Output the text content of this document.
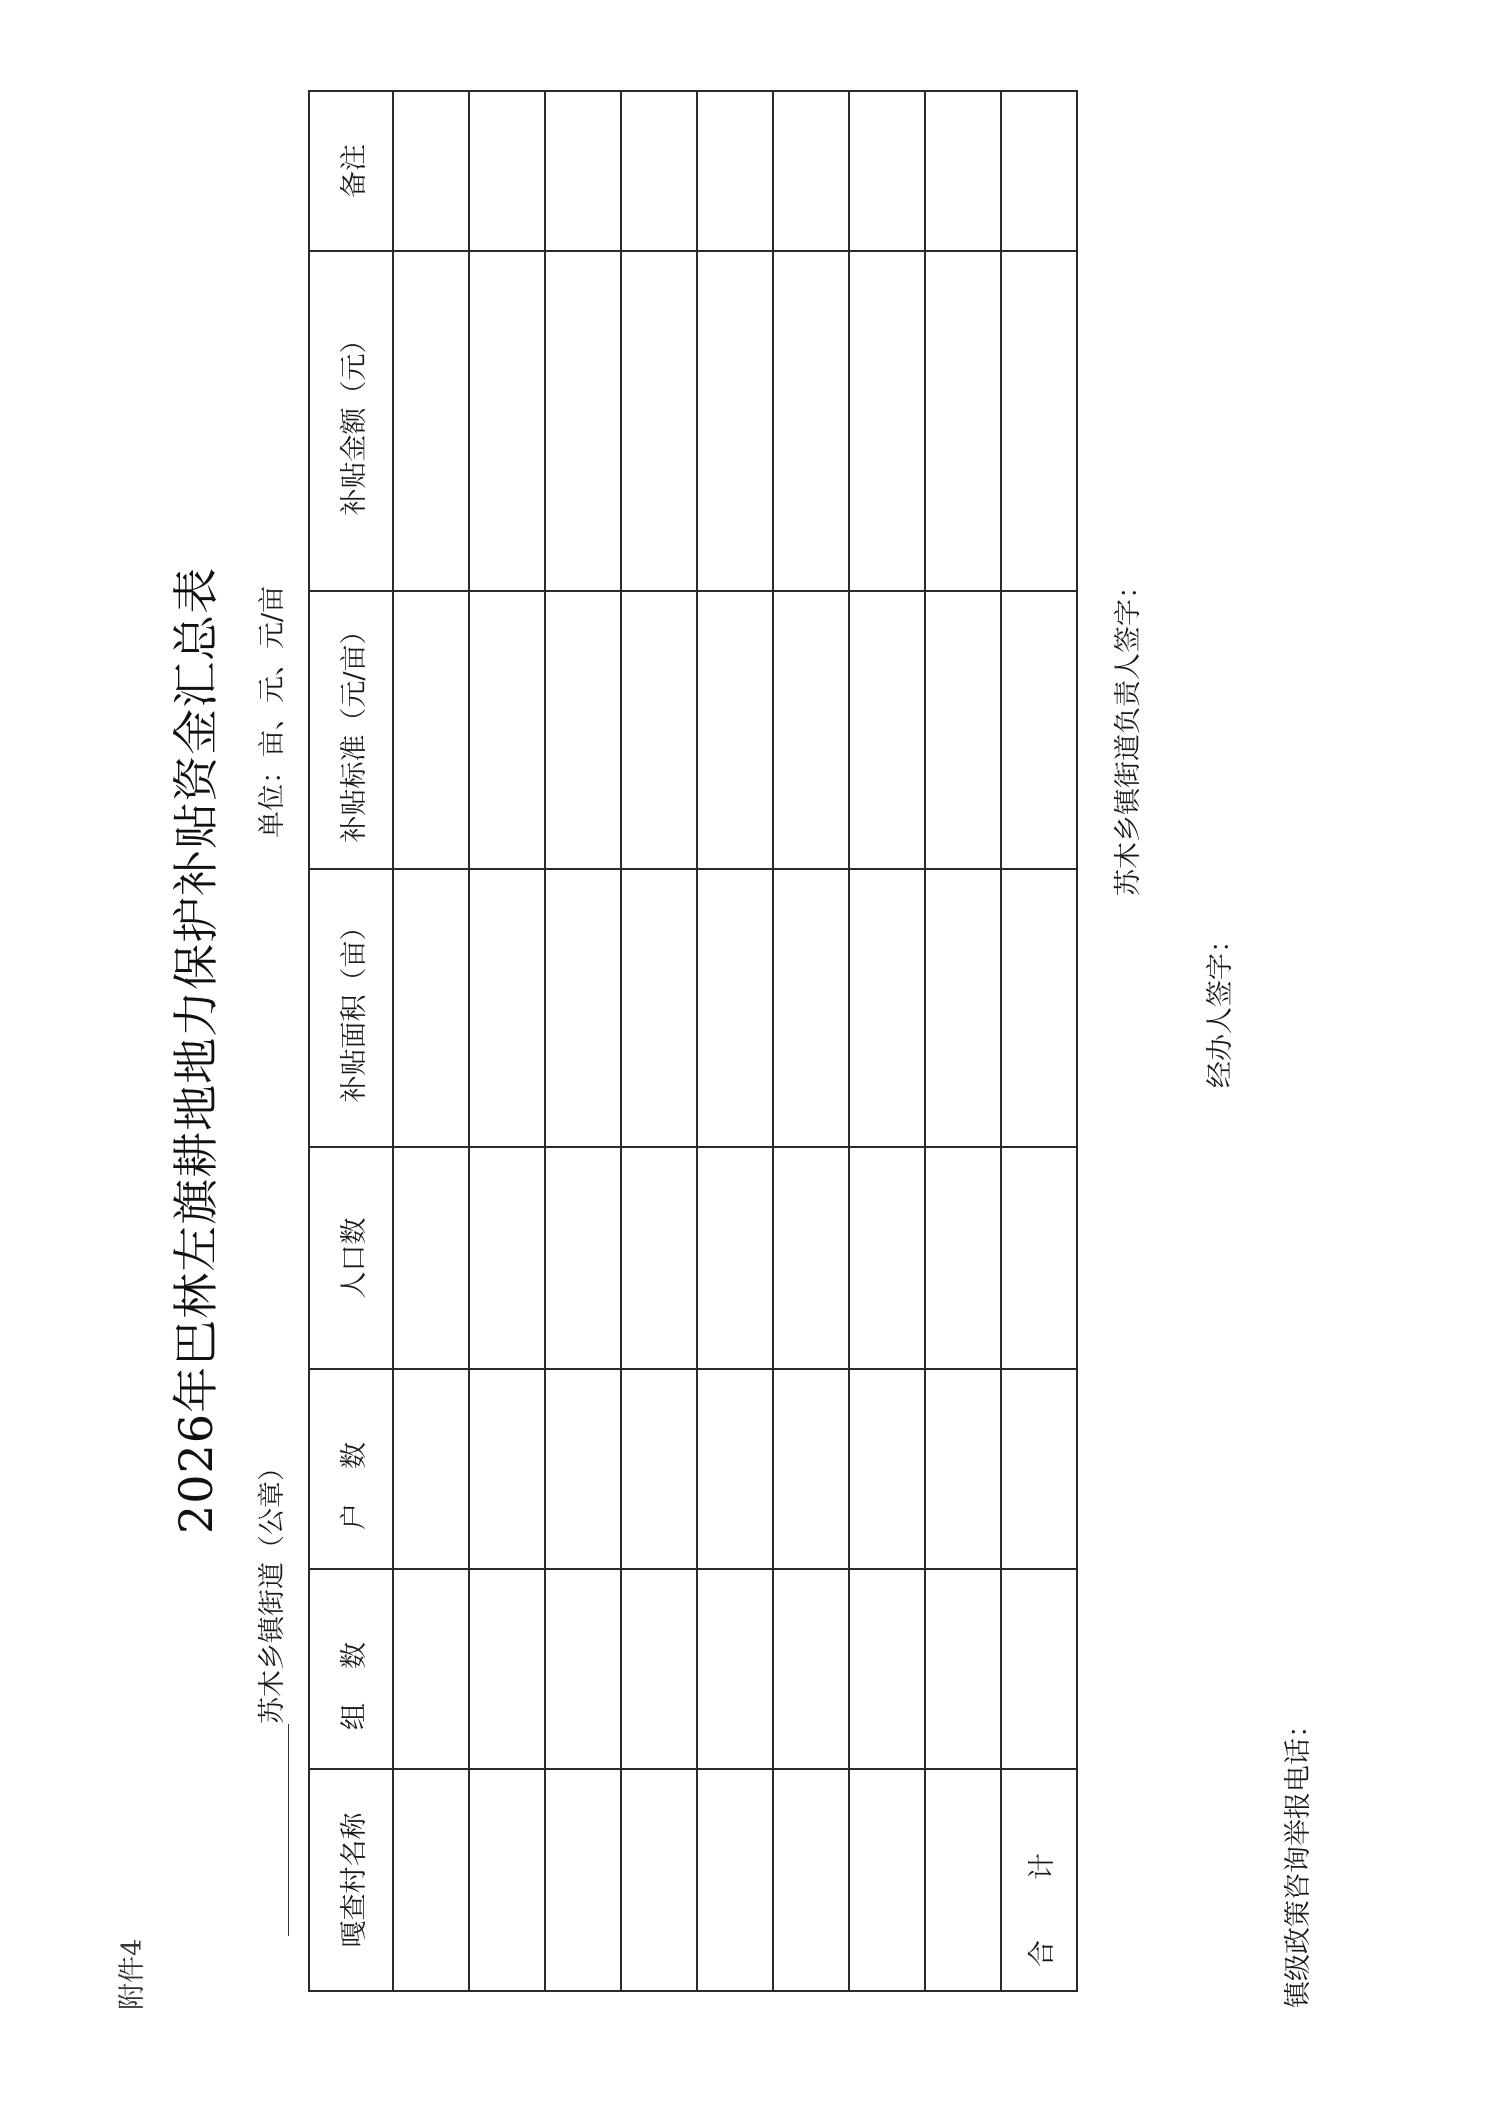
附件4
2026年巴林左旗耕地地力保护补贴资金汇总表
苏木乡镇街道（公章）
单位：亩、元、元/亩
嘎查村名称	组数	户数	人口数	补贴面积（亩）	补贴标准（元/亩）	补贴金额（元）	备注

合计							
苏木乡镇街道负责人签字：
经办人签字：
镇级政策咨询举报电话：
